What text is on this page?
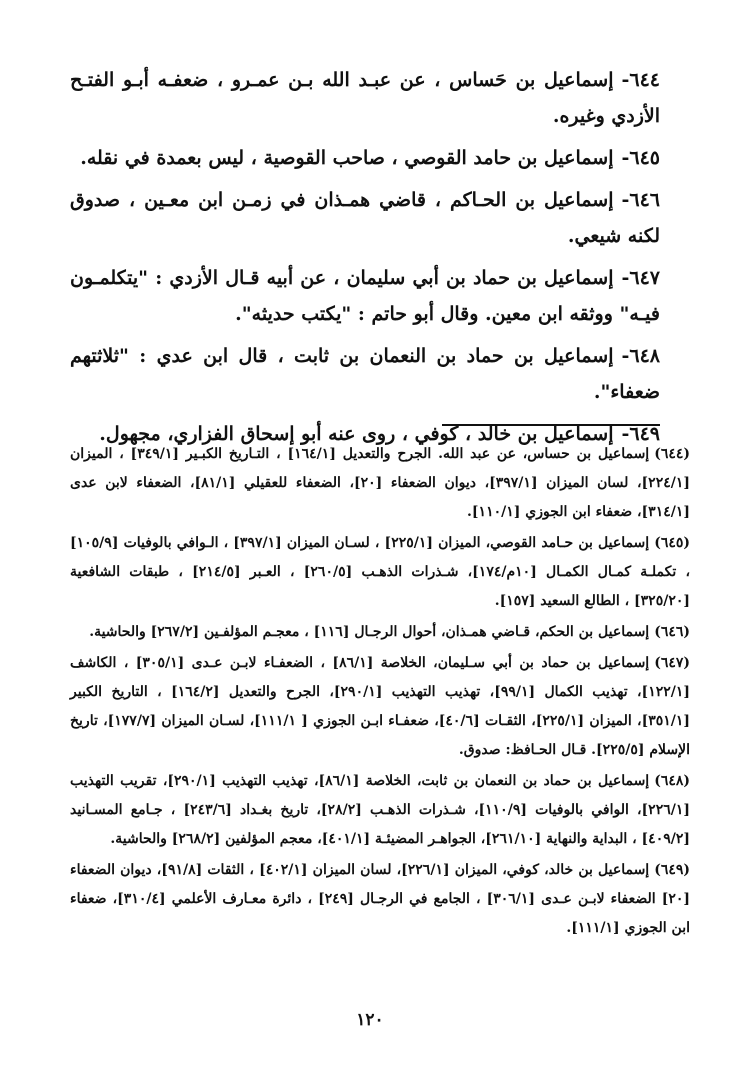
٦٤٤-إسماعيل بن حَساس ، عن عبـد الله بـن عمـرو ، ضعفـه أبـو الفتـح الأزدي وغيره.

٦٤٥-إسماعيل بن حامد القوصي ، صاحب القوصية ، ليس بعمدة في نقله.

٦٤٦-إسماعيل بن الحـاكم ، قاضي همـذان في زمـن ابن معـين ، صدوق لكنه شيعي.

٦٤٧-إسماعيل بن حماد بن أبي سليمان ، عن أبيه قـال الأزدي : "يتكلمـون فيـه" ووثقه ابن معين. وقال أبو حاتم : "يكتب حديثه".

٦٤٨-إسماعيل بن حماد بن النعمان بن ثابت ، قال ابن عدي : "ثلاثتهم ضعفاء".

٦٤٩-إسماعيل بن خالد ، كوفي ، روى عنه أبو إسحاق الفزاري، مجهول.

(٦٤٤)إسماعيل بن حساس، عن عبد الله. الجرح والتعديل [١٦٤/١] ، التـاريخ الكبـير [٣٤٩/١] ، الميزان [٢٢٤/١]، لسان الميزان [٣٩٧/١]، ديوان الضعفاء [٢٠]، الضعفاء للعقيلي [٨١/١]، الضعفاء لابن عدى [٣١٤/١]، ضعفاء ابن الجوزي [١١٠/١].

(٦٤٥)إسماعيل بن حـامد القوصي، الميزان [٢٢٥/١] ، لسـان الميزان [٣٩٧/١] ، الـوافي بالوفيات [١٠٥/٩] ، تكملـة كمـال الكمـال [١٠م/١٧٤]، شـذرات الذهـب [٢٦٠/٥] ، العـبر [٢١٤/٥] ، طبقات الشافعية [٣٢٥/٢٠] ، الطالع السعيد [١٥٧].

(٦٤٦)إسماعيل بن الحكم، قـاضي همـذان، أحوال الرجـال [١١٦] ، معجـم المؤلفـين [٢٦٧/٢] والحاشية.

(٦٤٧)إسماعيل بن حماد بن أبي سـليمان، الخلاصة [٨٦/١] ، الضعفـاء لابـن عـدى [٣٠٥/١] ، الكاشف [١٢٢/١]، تهذيب الكمال [٩٩/١]، تهذيب التهذيب [٢٩٠/١]، الجرح والتعديل [١٦٤/٢] ، التاريخ الكبير [٣٥١/١]، الميزان [٢٢٥/١]، الثقـات [٤٠/٦]، ضعفـاء ابـن الجوزي [ ١١١/١]، لسـان الميزان [١٧٧/٧]، تاريخ الإسلام [٢٢٥/٥]. قـال الحـافظ: صدوق.

(٦٤٨)إسماعيل بن حماد بن النعمان بن ثابت، الخلاصة [٨٦/١]، تهذيب التهذيب [٢٩٠/١]، تقريب التهذيب [٢٢٦/١]، الوافي بالوفيات [١١٠/٩]، شـذرات الذهـب [٢٨/٢]، تاريخ بغـداد [٢٤٣/٦] ، جـامع المسـانيد [٤٠٩/٢] ، البداية والنهاية [٢٦١/١٠]، الجواهـر المضيئـة [٤٠١/١]، معجم المؤلفين [٢٦٨/٢] والحاشية.

(٦٤٩)إسماعيل بن خالد، كوفي، الميزان [٢٢٦/١]، لسان الميزان [٤٠٢/١] ، الثقات [٩١/٨]، ديوان الضعفاء [٢٠] الضعفاء لابـن عـدى [٣٠٦/١] ، الجامع في الرجـال [٢٤٩] ، دائرة معـارف الأعلمي [٣١٠/٤]، ضعفاء ابن الجوزي [١١١/١].

١٢٠
